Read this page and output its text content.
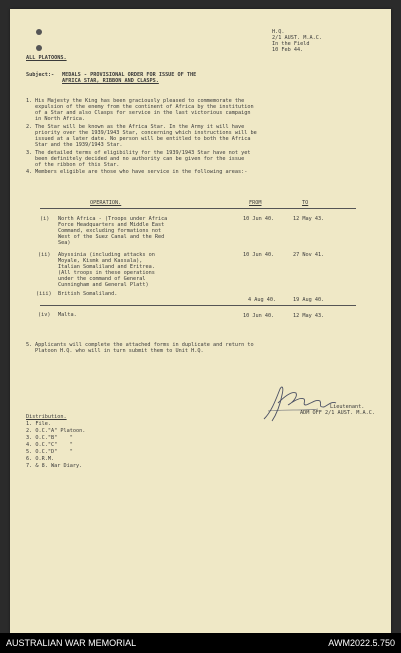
H.Q.
2/1 AUST. M.A.C.
In the Field
10 Feb 44.
ALL PLATOONS.
Subject:- MEDALS - PROVISIONAL ORDER FOR ISSUE OF THE
AFRICA STAR, RIBBON AND CLASPS.
1. His Majesty the King has been graciously pleased to commemorate the
expulsion of the enemy from the continent of Africa by the institution
of a Star and also Clasps for service in the last victorious campaign
in North Africa.
2. The Star will be known as the Africa Star. In the Army it will have
priority over the 1939/1943 Star, concerning which instructions will be
issued at a later date. No person will be entitled to both the Africa
Star and the 1939/1943 Star.
3. The detailed terms of eligibility for the 1939/1943 Star have not yet
been definitely decided and no authority can be given for the issue
of the ribbon of this Star.
4. Members eligible are those who have service in the following areas:-
OPERATION.	FROM	TO
(i) North Africa - (Troops under Africa
Force Headquarters and Middle East
Command, excluding formations not
West of the Suez Canal and the Red
Sea)
10 Jun 40.	12 May 43.
(ii) Abyssinia (including attacks on
Moyale, Kismk and Kassala),
Italian Somaliland and Eritrea.
(All troops in these operations
under the command of General
Cunningham and General Platt)
10 Jun 40.	27 Nov 41.
(iii) British Somaliland.
4 Aug 40.	19 Aug 40.
(iv) Malta.	10 Jun 40.	12 May 43.
5. Applicants will complete the attached forms in duplicate and return to
Platoon H.Q. who will in turn submit them to Unit H.Q.
Lieutenant.
ADM OFF 2/1 AUST. M.A.C.
Distribution.
1. File.
2. O.C."A" Platoon.
3. O.C."B"    "
4. O.C."C"    "
5. O.C."D"    "
6. O.R.M.
7. & 8. War Diary.
AUSTRALIAN WAR MEMORIAL	AWM2022.5.750
